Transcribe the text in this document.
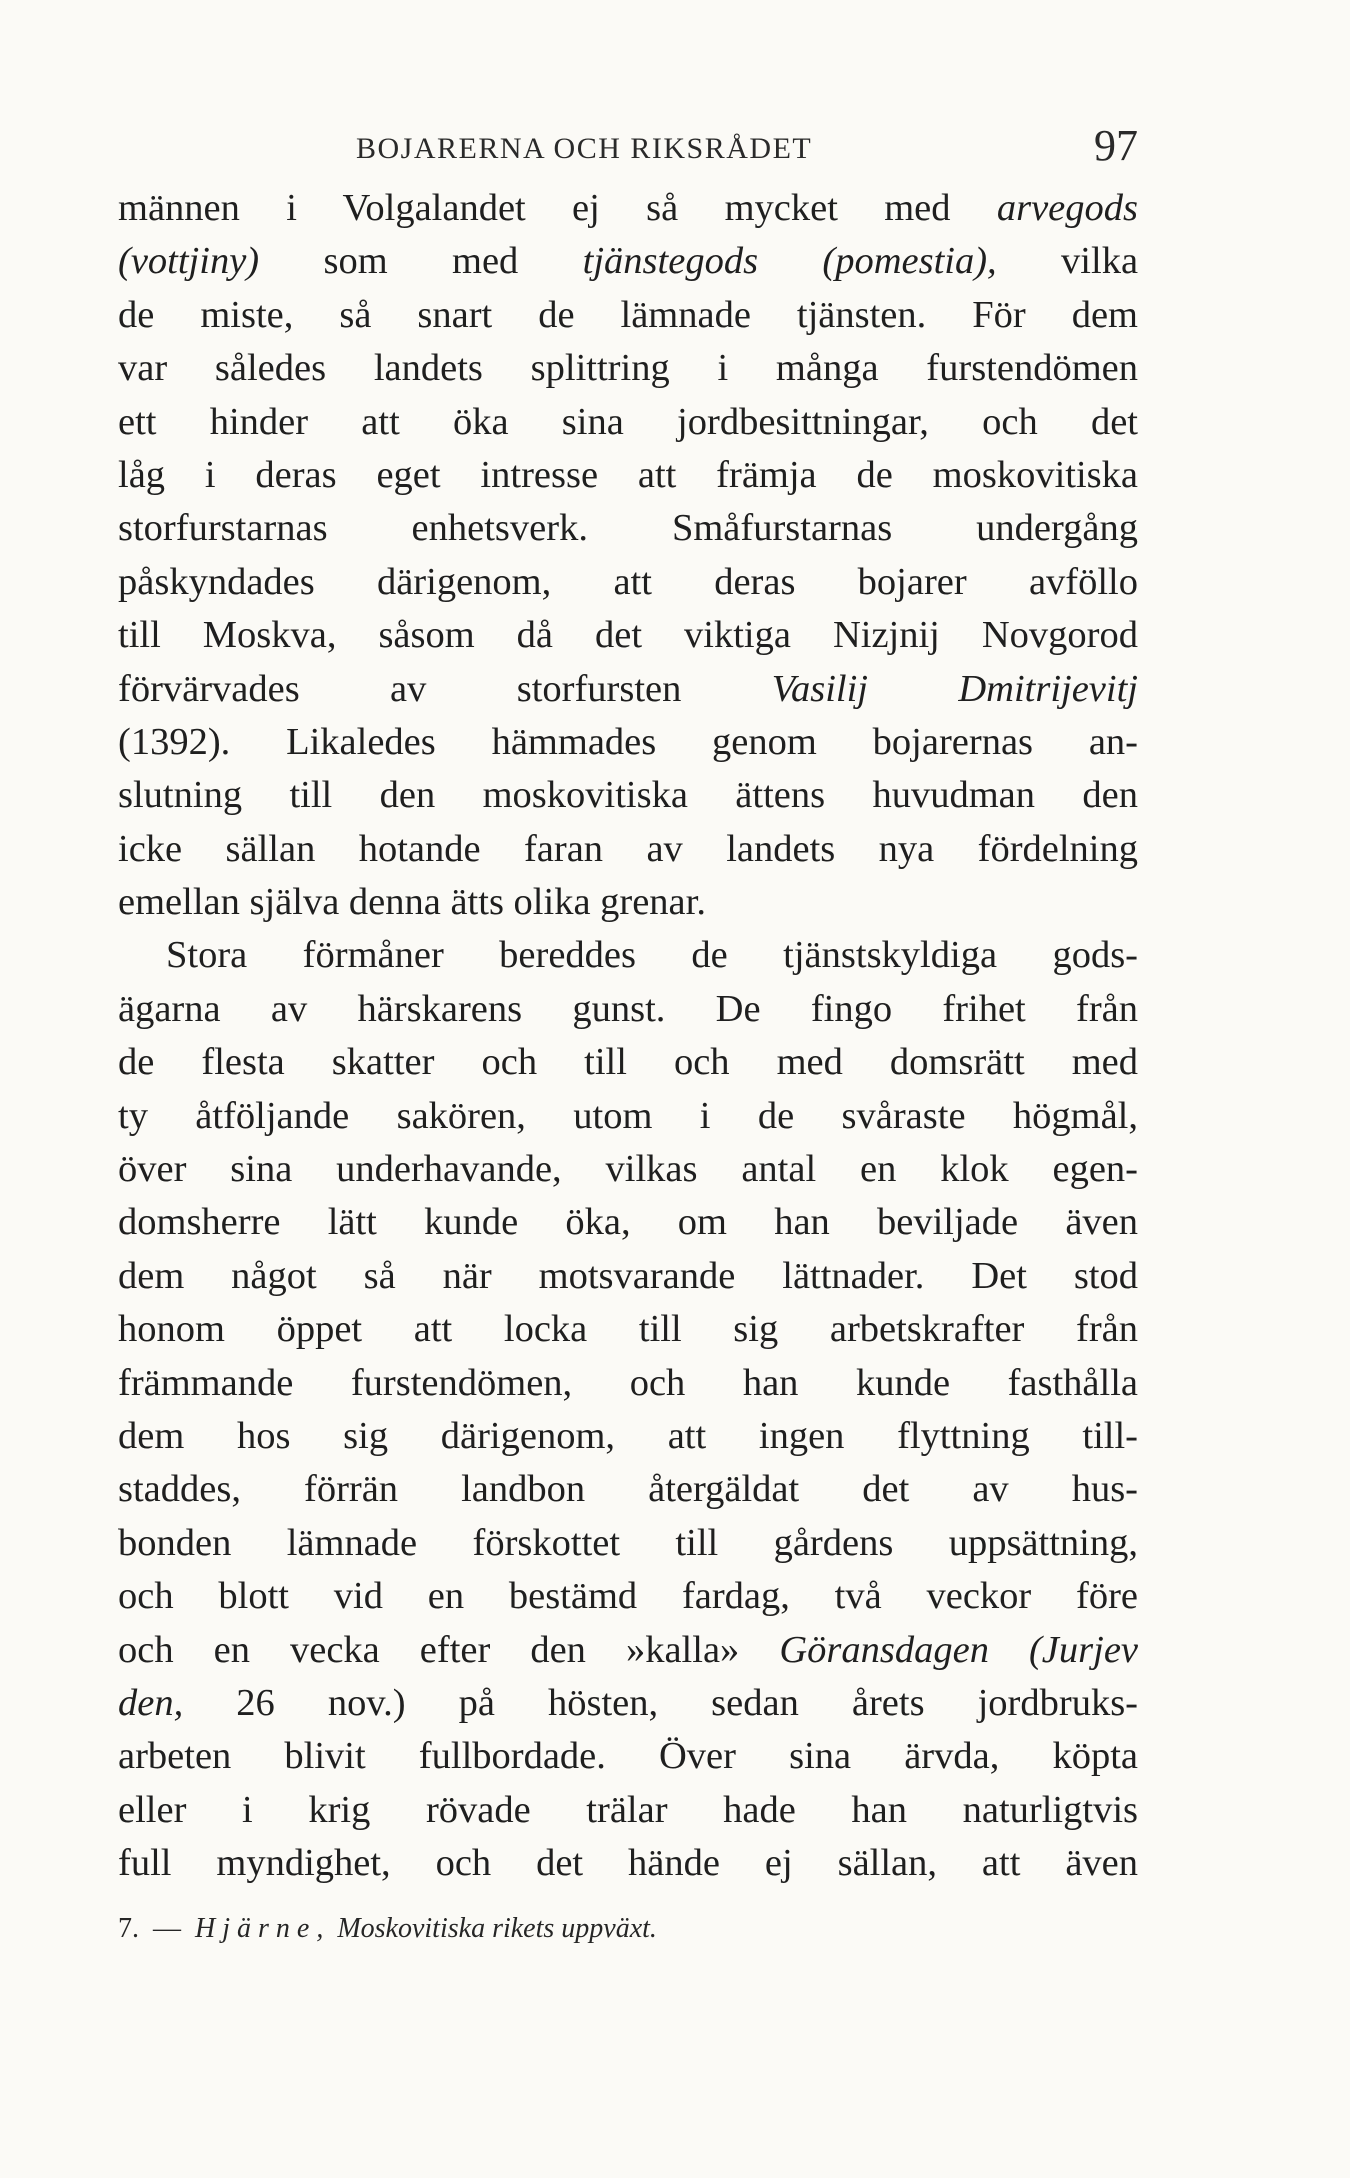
BOJARERNA OCH RIKSRÅDET	97
männen i Volgalandet ej så mycket med arvegods
(vottjiny) som med tjänstegods (pomestia), vilka
de miste, så snart de lämnade tjänsten. För dem
var således landets splittring i många furstendömen
ett hinder att öka sina jordbesittningar, och det
låg i deras eget intresse att främja de moskovitiska
storfurstarnas enhetsverk. Småfurstarnas undergång
påskyndades därigenom, att deras bojarer avföllo
till Moskva, såsom då det viktiga Nizjnij Novgorod
förvärvades av storfursten Vasilij Dmitrijevitj
(1392). Likaledes hämmades genom bojarernas an-
slutning till den moskovitiska ättens huvudman den
icke sällan hotande faran av landets nya fördelning
emellan själva denna ätts olika grenar.
Stora förmåner bereddes de tjänstskyldiga gods-
ägarna av härskarens gunst. De fingo frihet från
de flesta skatter och till och med domsrätt med
ty åtföljande sakören, utom i de svåraste högmål,
över sina underhavande, vilkas antal en klok egen-
domsherre lätt kunde öka, om han beviljade även
dem något så när motsvarande lättnader. Det stod
honom öppet att locka till sig arbetskrafter från
främmande furstendömen, och han kunde fasthålla
dem hos sig därigenom, att ingen flyttning till-
staddes, förrän landbon återgäldat det av hus-
bonden lämnade förskottet till gårdens uppsättning,
och blott vid en bestämd fardag, två veckor före
och en vecka efter den »kalla» Göransdagen (Jurjev
den, 26 nov.) på hösten, sedan årets jordbruks-
arbeten blivit fullbordade. Över sina ärvda, köpta
eller i krig rövade trälar hade han naturligtvis
full myndighet, och det hände ej sällan, att även
7. — Hjärne, Moskovitiska rikets uppväxt.
